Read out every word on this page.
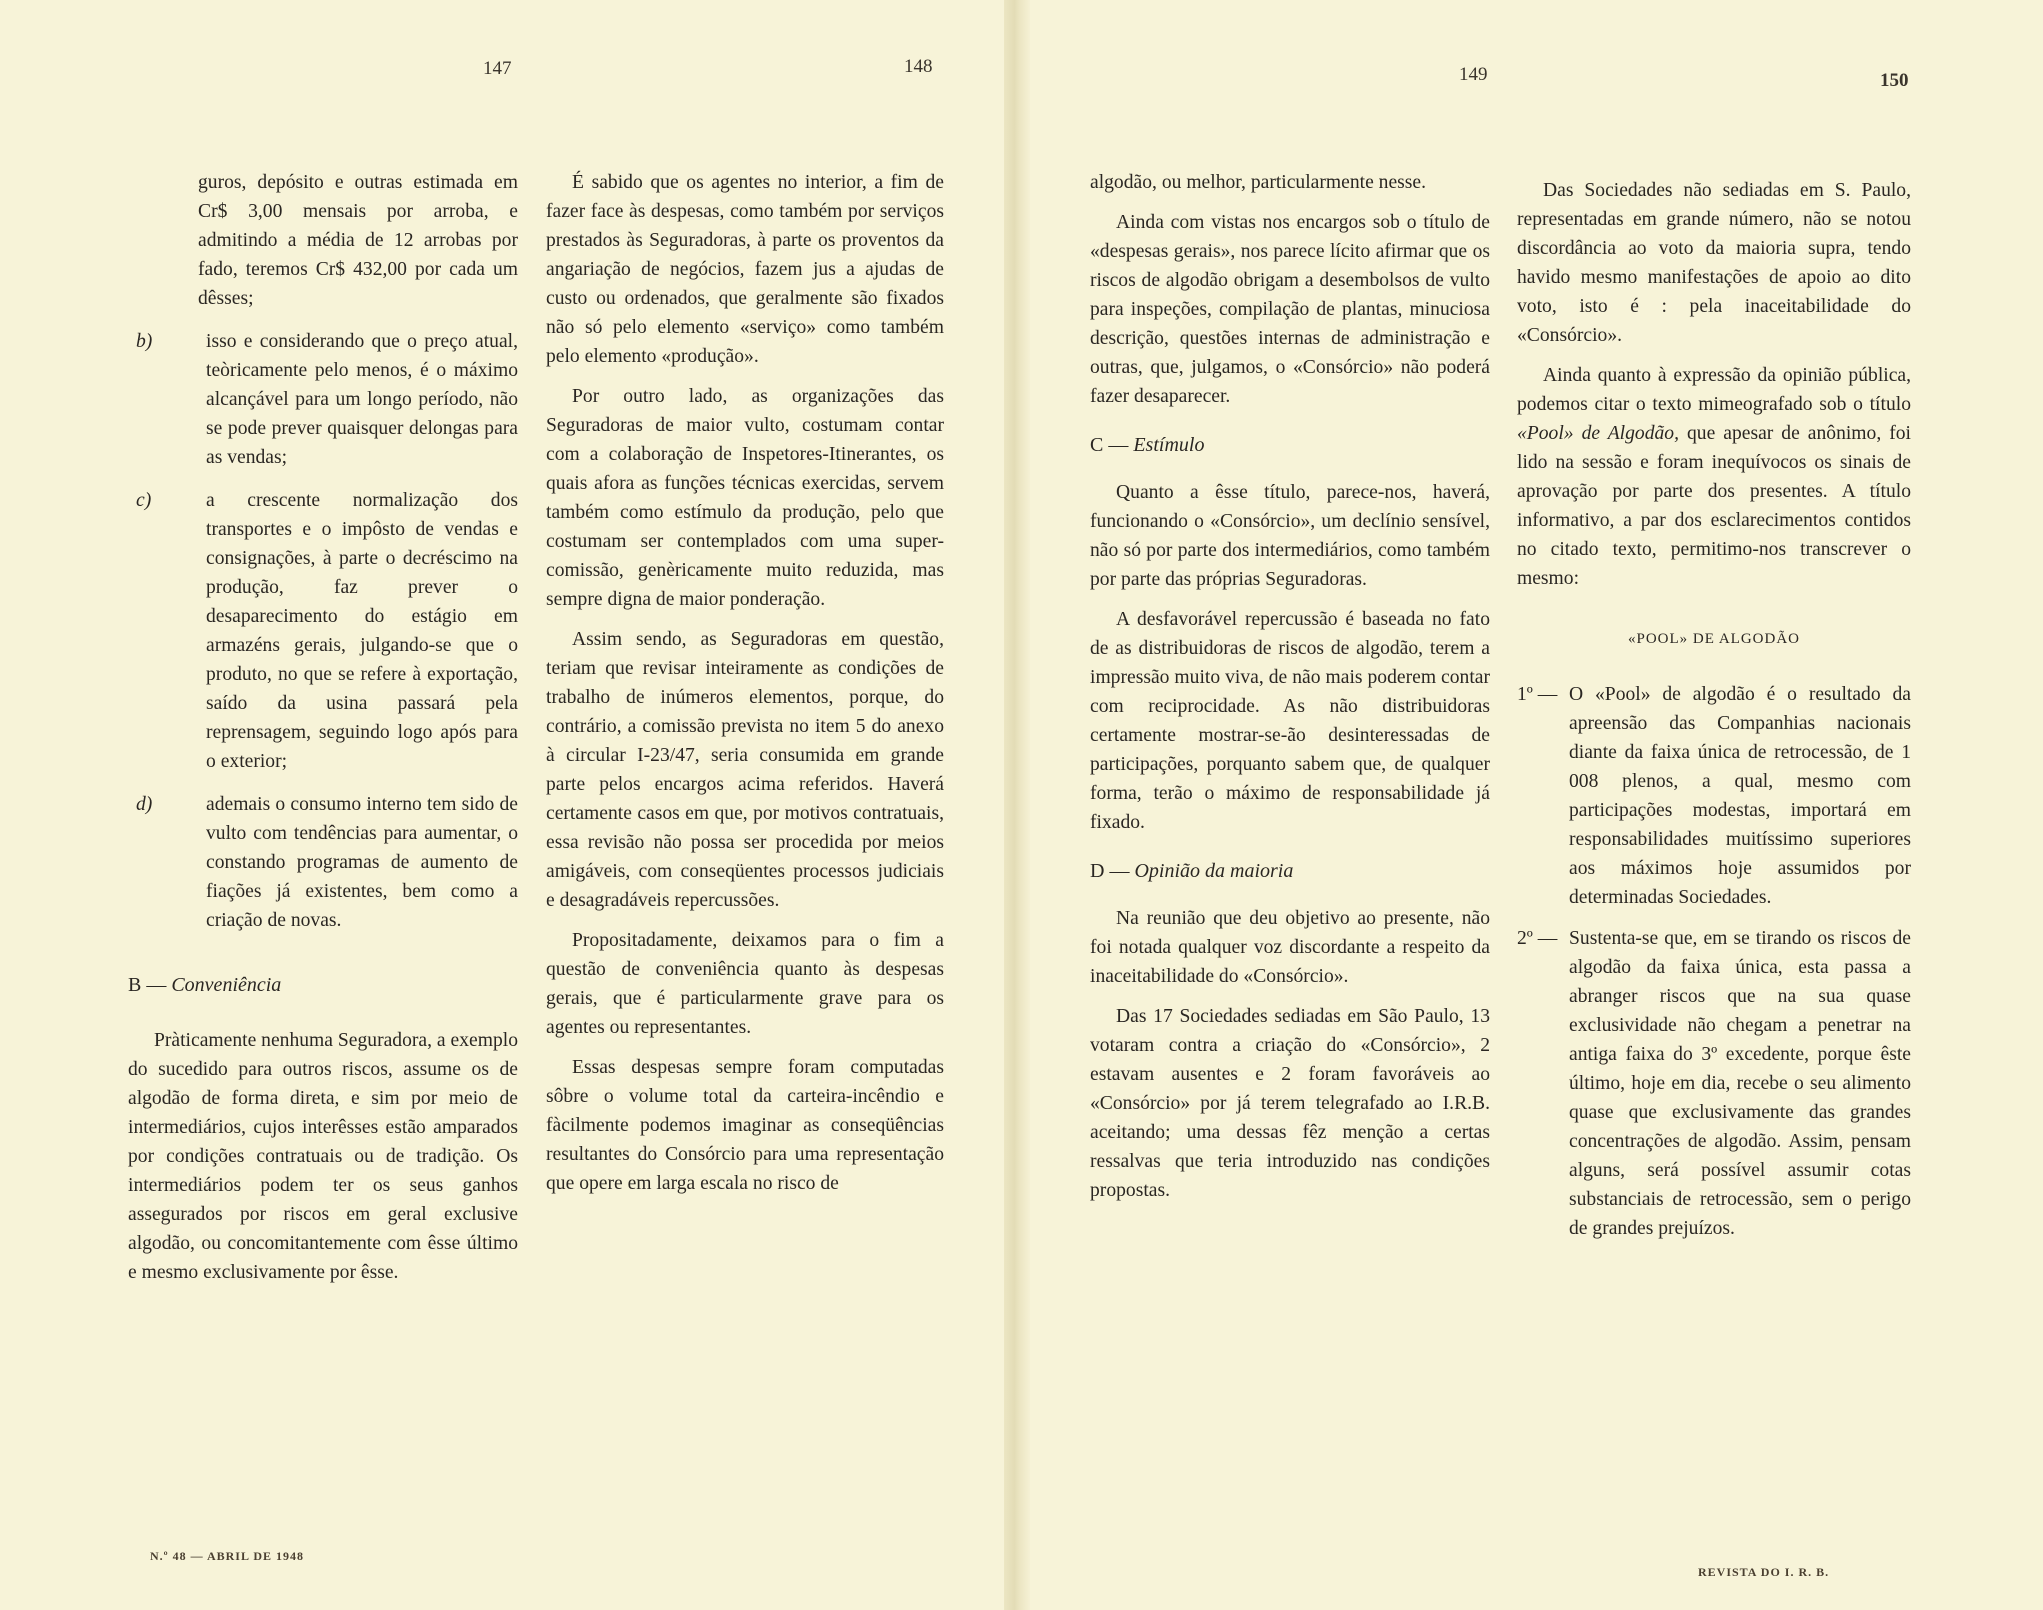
147	148	149	150
guros, depósito e outras estimada em Cr$ 3,00 mensais por arroba, e admitindo a média de 12 arrobas por fado, teremos Cr$ 432,00 por cada um dêsses;
b)	isso e considerando que o preço atual, teòricamente pelo menos, é o máximo alcançável para um longo período, não se pode prever quaisquer delongas para as vendas;
c)	a crescente normalização dos transportes e o impôsto de vendas e consignações, à parte o decréscimo na produção, faz prever o desaparecimento do estágio em armazéns gerais, julgando-se que o produto, no que se refere à exportação, saído da usina passará pela reprensagem, seguindo logo após para o exterior;
d)	ademais o consumo interno tem sido de vulto com tendências para aumentar, o constando programas de aumento de fiações já existentes, bem como a criação de novas.
B — Conveniência

Pràticamente nenhuma Seguradora, a exemplo do sucedido para outros riscos, assume os de algodão de forma direta, e sim por meio de intermediários, cujos interêsses estão amparados por condições contratuais ou de tradição. Os intermediários podem ter os seus ganhos assegurados por riscos em geral exclusive algodão, ou concomitantemente com êsse último e mesmo exclusivamente por êsse.

É sabido que os agentes no interior, a fim de fazer face às despesas, como também por serviços prestados às Seguradoras, à parte os proventos da angariação de negócios, fazem jus a ajudas de custo ou ordenados, que geralmente são fixados não só pelo elemento «serviço» como também pelo elemento «produção».

Por outro lado, as organizações das Seguradoras de maior vulto, costumam contar com a colaboração de Inspetores-Itinerantes, os quais afora as funções técnicas exercidas, servem também como estímulo da produção, pelo que costumam ser contemplados com uma super-comissão, genèricamente muito reduzida, mas sempre digna de maior ponderação.

Assim sendo, as Seguradoras em questão, teriam que revisar inteiramente as condições de trabalho de inúmeros elementos, porque, do contrário, a comissão prevista no item 5 do anexo à circular I-23/47, seria consumida em grande parte pelos encargos acima referidos. Haverá certamente casos em que, por motivos contratuais, essa revisão não possa ser procedida por meios amigáveis, com conseqüentes processos judiciais e desagradáveis repercussões.

Propositadamente, deixamos para o fim a questão de conveniência quanto às despesas gerais, que é particularmente grave para os agentes ou representantes.

Essas despesas sempre foram computadas sôbre o volume total da carteira-incêndio e fàcilmente podemos imaginar as conseqüências resultantes do Consórcio para uma representação que opere em larga escala no risco de

algodão, ou melhor, particularmente nesse.

Ainda com vistas nos encargos sob o título de «despesas gerais», nos parece lícito afirmar que os riscos de algodão obrigam a desembolsos de vulto para inspeções, compilação de plantas, minuciosa descrição, questões internas de administração e outras, que, julgamos, o «Consórcio» não poderá fazer desaparecer.

C — Estímulo

Quanto a êsse título, parece-nos, haverá, funcionando o «Consórcio», um declínio sensível, não só por parte dos intermediários, como também por parte das próprias Seguradoras.

A desfavorável repercussão é baseada no fato de as distribuidoras de riscos de algodão, terem a impressão muito viva, de não mais poderem contar com reciprocidade. As não distribuidoras certamente mostrar-se-ão desinteressadas de participações, porquanto sabem que, de qualquer forma, terão o máximo de responsabilidade já fixado.

D — Opinião da maioria

Na reunião que deu objetivo ao presente, não foi notada qualquer voz discordante a respeito da inaceitabilidade do «Consórcio».

Das 17 Sociedades sediadas em São Paulo, 13 votaram contra a criação do «Consórcio», 2 estavam ausentes e 2 foram favoráveis ao «Consórcio» por já terem telegrafado ao I.R.B. aceitando; uma dessas fêz menção a certas ressalvas que teria introduzido nas condições propostas.

Das Sociedades não sediadas em S. Paulo, representadas em grande número, não se notou discordância ao voto da maioria supra, tendo havido mesmo manifestações de apoio ao dito voto, isto é : pela inaceitabilidade do «Consórcio».

Ainda quanto à expressão da opinião pública, podemos citar o texto mimeografado sob o título «Pool» de Algodão, que apesar de anônimo, foi lido na sessão e foram inequívocos os sinais de aprovação por parte dos presentes. A título informativo, a par dos esclarecimentos contidos no citado texto, permitimo-nos transcrever o mesmo:

«POOL» DE ALGODÃO
1º — O «Pool» de algodão é o resultado da apreensão das Companhias nacionais diante da faixa única de retrocessão, de 1 008 plenos, a qual, mesmo com participações modestas, importará em responsabilidades muitíssimo superiores aos máximos hoje assumidos por determinadas Sociedades.
2º — Sustenta-se que, em se tirando os riscos de algodão da faixa única, esta passa a abranger riscos que na sua quase exclusividade não chegam a penetrar na antiga faixa do 3º excedente, porque êste último, hoje em dia, recebe o seu alimento quase que exclusivamente das grandes concentrações de algodão. Assim, pensam alguns, será possível assumir cotas substanciais de retrocessão, sem o perigo de grandes prejuízos.
N.º 48 — ABRIL DE 1948
REVISTA DO I. R. B.
